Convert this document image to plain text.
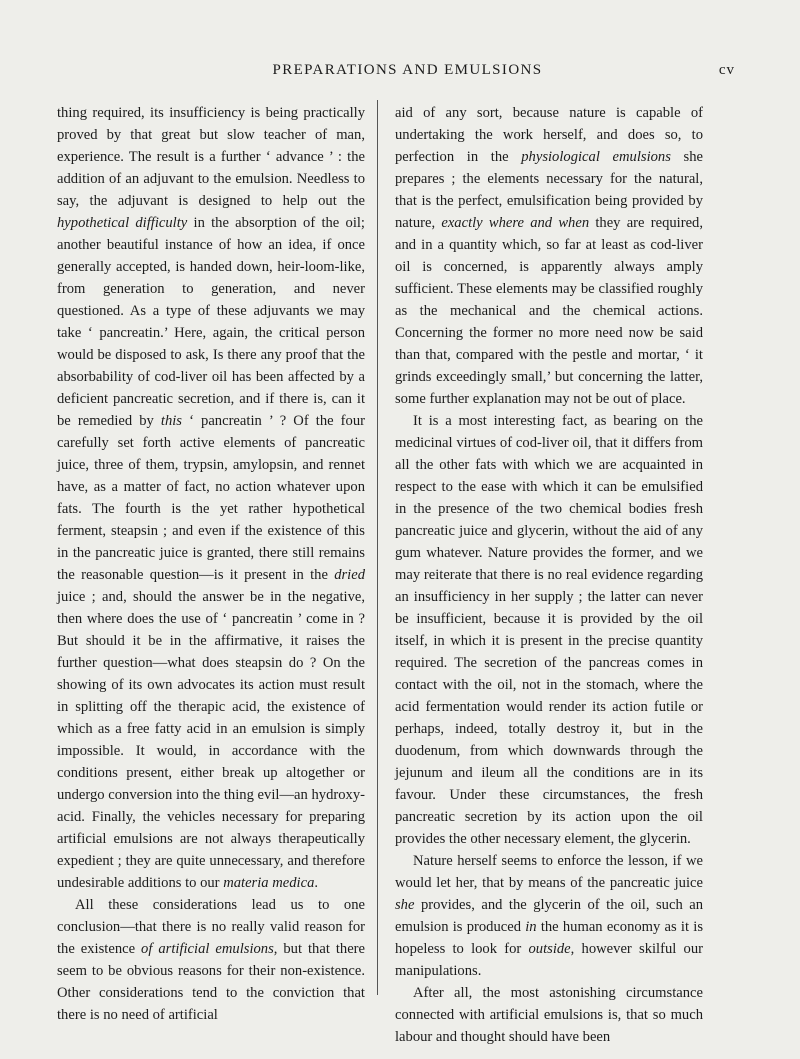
PREPARATIONS AND EMULSIONS	cv

thing required, its insufficiency is being practically proved by that great but slow teacher of man, experience. The result is a further ‘ advance ’ : the addition of an adjuvant to the emulsion. Needless to say, the adjuvant is designed to help out the hypothetical difficulty in the absorption of the oil; another beautiful instance of how an idea, if once generally accepted, is handed down, heir-loom-like, from generation to generation, and never questioned. As a type of these adjuvants we may take ‘ pancreatin.’ Here, again, the critical person would be disposed to ask, Is there any proof that the absorbability of cod-liver oil has been affected by a deficient pancreatic secretion, and if there is, can it be remedied by this ‘ pancreatin ’ ? Of the four carefully set forth active elements of pancreatic juice, three of them, trypsin, amylopsin, and rennet have, as a matter of fact, no action whatever upon fats. The fourth is the yet rather hypothetical ferment, steapsin ; and even if the existence of this in the pancreatic juice is granted, there still remains the reasonable question—is it present in the dried juice ; and, should the answer be in the negative, then where does the use of ‘ pancreatin ’ come in ? But should it be in the affirmative, it raises the further question—what does steapsin do ? On the showing of its own advocates its action must result in splitting off the therapic acid, the existence of which as a free fatty acid in an emulsion is simply impossible. It would, in accordance with the conditions present, either break up altogether or undergo conversion into the thing evil—an hydroxy-acid. Finally, the vehicles necessary for preparing artificial emulsions are not always therapeutically expedient ; they are quite unnecessary, and therefore undesirable additions to our materia medica.

All these considerations lead us to one conclusion—that there is no really valid reason for the existence of artificial emulsions, but that there seem to be obvious reasons for their non-existence. Other considerations tend to the conviction that there is no need of artificial

aid of any sort, because nature is capable of undertaking the work herself, and does so, to perfection in the physiological emulsions she prepares ; the elements necessary for the natural, that is the perfect, emulsification being provided by nature, exactly where and when they are required, and in a quantity which, so far at least as cod-liver oil is concerned, is apparently always amply sufficient. These elements may be classified roughly as the mechanical and the chemical actions. Concerning the former no more need now be said than that, compared with the pestle and mortar, ‘ it grinds exceedingly small,’ but concerning the latter, some further explanation may not be out of place.

It is a most interesting fact, as bearing on the medicinal virtues of cod-liver oil, that it differs from all the other fats with which we are acquainted in respect to the ease with which it can be emulsified in the presence of the two chemical bodies fresh pancreatic juice and glycerin, without the aid of any gum whatever. Nature provides the former, and we may reiterate that there is no real evidence regarding an insufficiency in her supply ; the latter can never be insufficient, because it is provided by the oil itself, in which it is present in the precise quantity required. The secretion of the pancreas comes in contact with the oil, not in the stomach, where the acid fermentation would render its action futile or perhaps, indeed, totally destroy it, but in the duodenum, from which downwards through the jejunum and ileum all the conditions are in its favour. Under these circumstances, the fresh pancreatic secretion by its action upon the oil provides the other necessary element, the glycerin.

Nature herself seems to enforce the lesson, if we would let her, that by means of the pancreatic juice she provides, and the glycerin of the oil, such an emulsion is produced in the human economy as it is hopeless to look for outside, however skilful our manipulations.

After all, the most astonishing circumstance connected with artificial emulsions is, that so much labour and thought should have been
